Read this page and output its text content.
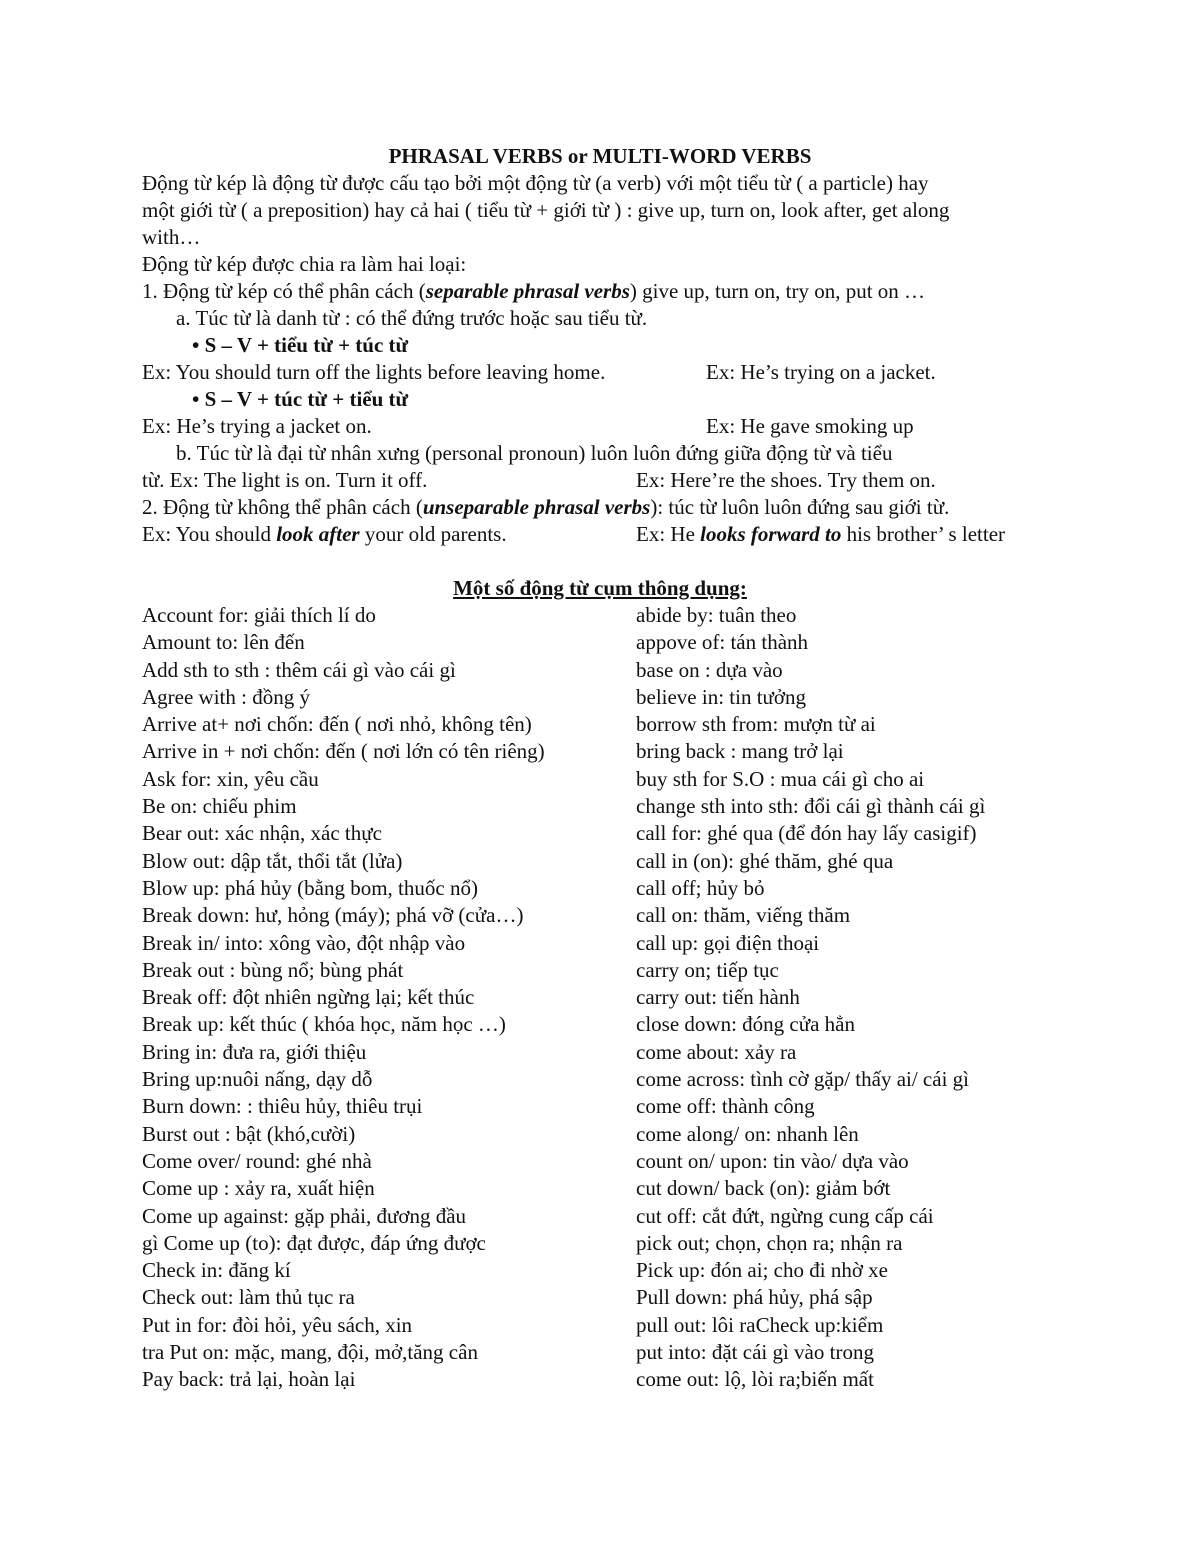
PHRASAL VERBS or MULTI-WORD VERBS
Động từ kép là động từ được cấu tạo bởi một động từ (a verb) với một tiểu từ ( a particle) hay
một giới từ ( a preposition) hay cả hai ( tiểu từ + giới từ ) : give up, turn on, look after, get along
with…
Động từ kép được chia ra làm hai loại:
1. Động từ kép có thể phân cách (separable phrasal verbs) give up, turn on, try on, put on …
a. Túc từ là danh từ : có thể đứng trước hoặc sau tiểu từ.
• S – V + tiểu từ + túc từ
Ex: You should turn off the lights before leaving home.	Ex: He’s trying on a jacket.
• S – V + túc từ + tiểu từ
Ex: He’s trying a jacket on.	Ex: He gave smoking up
b. Túc từ là đại từ nhân xưng (personal pronoun) luôn luôn đứng giữa động từ và tiểu
từ. Ex: The light is on. Turn it off.	Ex: Here’re the shoes. Try them on.
2. Động từ không thể phân cách (unseparable phrasal verbs): túc từ luôn luôn đứng sau giới từ.
Ex: You should look after your old parents.	Ex: He looks forward to his brother’ s letter
Một số động từ cụm thông dụng:
Account for: giải thích lí do
Amount to: lên đến
Add sth to sth : thêm cái gì vào cái gì
Agree with : đồng ý
Arrive at+ nơi chốn: đến ( nơi nhỏ, không tên)
Arrive in + nơi chốn: đến ( nơi lớn có tên riêng)
Ask for: xin, yêu cầu
Be on: chiếu phim
Bear out: xác nhận, xác thực
Blow out: dập tắt, thổi tắt (lửa)
Blow up: phá hủy (bằng bom, thuốc nổ)
Break down: hư, hỏng (máy); phá vỡ (cửa…)
Break in/ into: xông vào, đột nhập vào
Break out : bùng nổ; bùng phát
Break off: đột nhiên ngừng lại; kết thúc
Break up: kết thúc ( khóa học, năm học …)
Bring in: đưa ra, giới thiệu
Bring up:nuôi nấng, dạy dỗ
Burn down: : thiêu hủy, thiêu trụi
Burst out : bật (khó,cười)
Come over/ round: ghé nhà
Come up : xảy ra, xuất hiện
Come up against: gặp phải, đương đầu
gì Come up (to): đạt được, đáp ứng được
Check in: đăng kí
Check out: làm thủ tục ra
Put in for: đòi hỏi, yêu sách, xin
tra Put on: mặc, mang, đội, mở,tăng cân
Pay back: trả lại, hoàn lại
abide by: tuân theo
appove of: tán thành
base on : dựa vào
believe in: tin tưởng
borrow sth from: mượn từ ai
bring back : mang trở lại
buy sth for S.O : mua cái gì cho ai
change sth into sth: đổi cái gì thành cái gì
call for: ghé qua (để đón hay lấy casigif)
call in (on): ghé thăm, ghé qua
call off; hủy bỏ
call on: thăm, viếng thăm
call up: gọi điện thoại
carry on; tiếp tục
carry out: tiến hành
close down: đóng cửa hẳn
come about: xảy ra
come across: tình cờ gặp/ thấy ai/ cái gì
come off: thành công
come along/ on: nhanh lên
count on/ upon: tin vào/ dựa vào
cut down/ back (on): giảm bớt
cut off: cắt đứt, ngừng cung cấp cái
pick out; chọn, chọn ra; nhận ra
Pick up: đón ai; cho đi nhờ xe
Pull down: phá hủy, phá sập
pull out: lôi raCheck up:kiểm
put into: đặt cái gì vào trong
come out: lộ, lòi ra;biến mất
